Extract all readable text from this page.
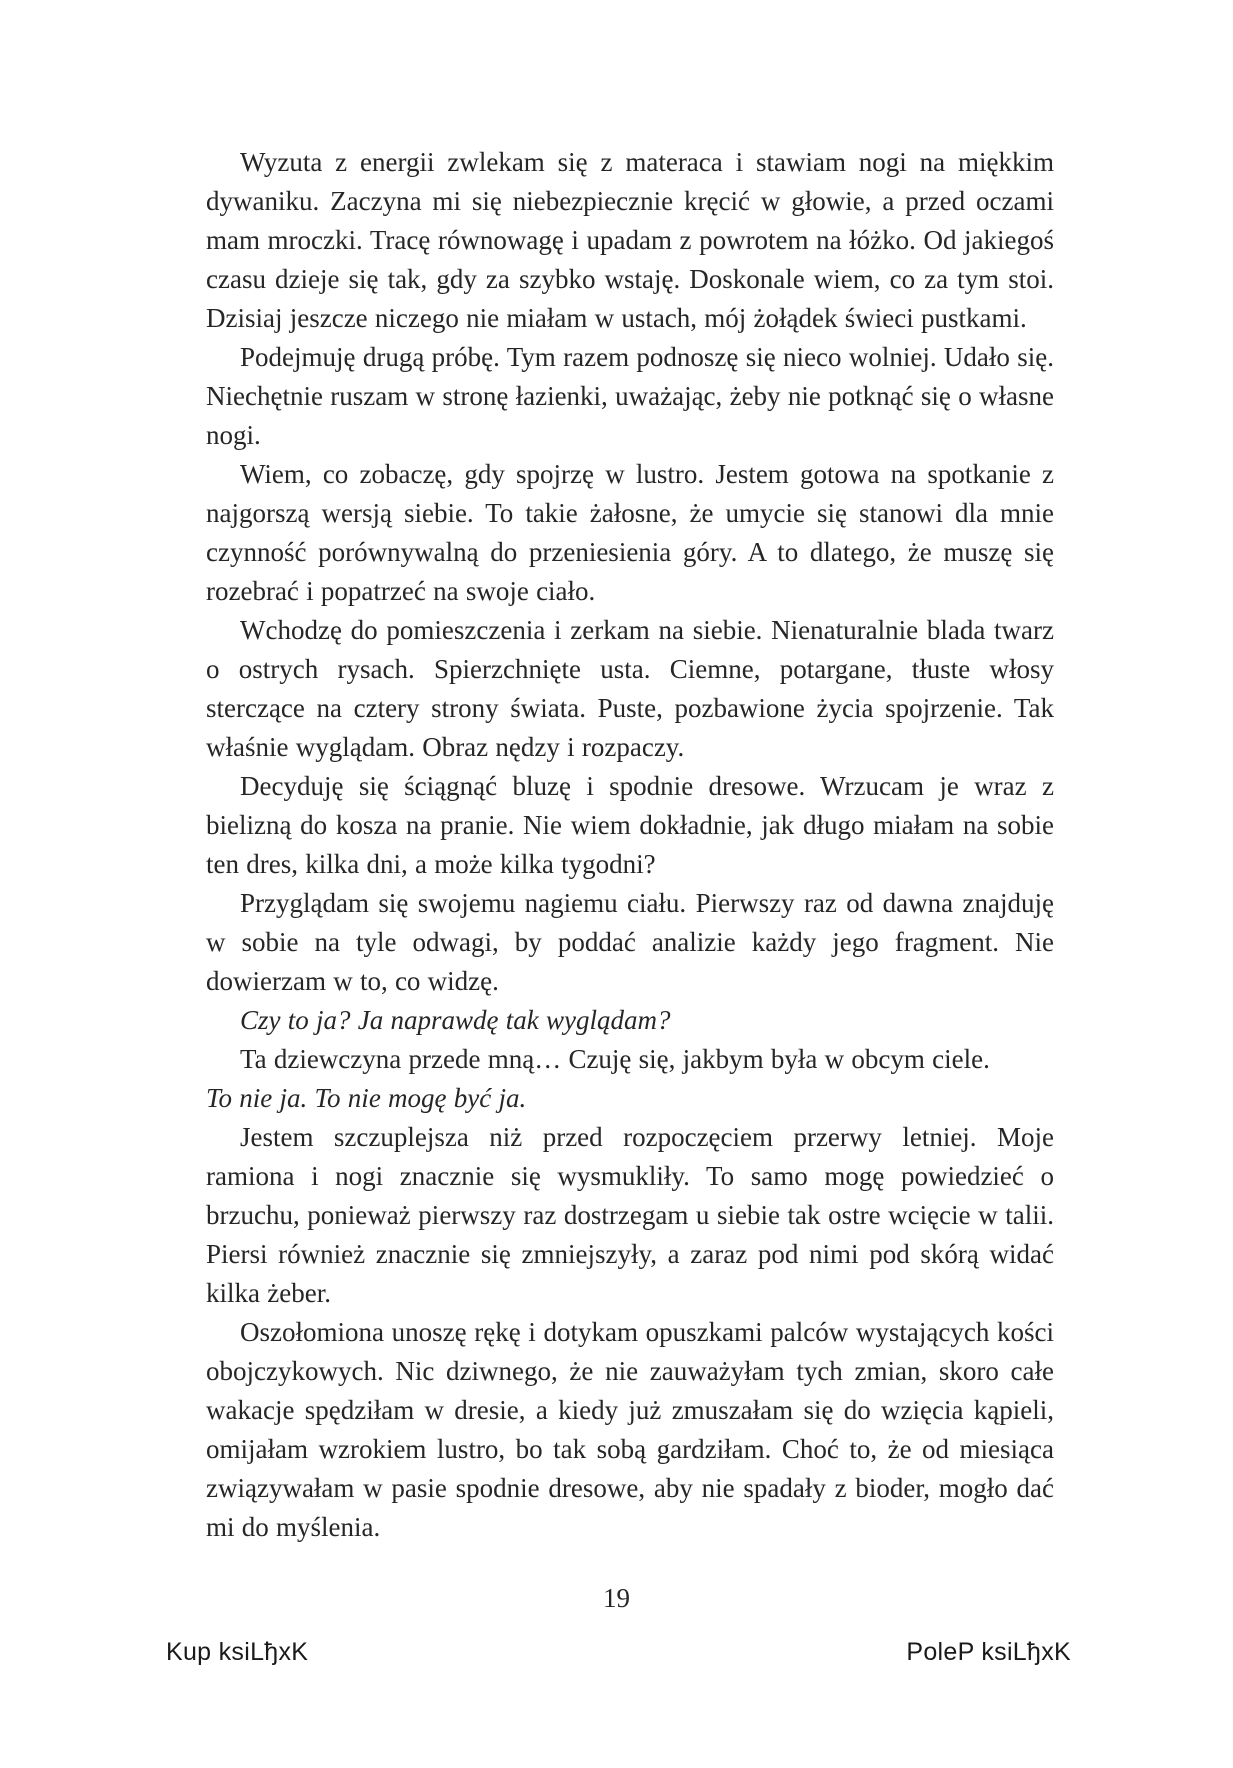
Wyzuta z energii zwlekam się z materaca i stawiam nogi na miękkim dywaniku. Zaczyna mi się niebezpiecznie kręcić w głowie, a przed oczami mam mroczki. Tracę równowagę i upadam z powrotem na łóżko. Od jakiegoś czasu dzieje się tak, gdy za szybko wstaję. Doskonale wiem, co za tym stoi. Dzisiaj jeszcze niczego nie miałam w ustach, mój żołądek świeci pustkami.

Podejmuję drugą próbę. Tym razem podnoszę się nieco wolniej. Udało się. Niechętnie ruszam w stronę łazienki, uważając, żeby nie potknąć się o własne nogi.

Wiem, co zobaczę, gdy spojrzę w lustro. Jestem gotowa na spotkanie z najgorszą wersją siebie. To takie żałosne, że umycie się stanowi dla mnie czynność porównywalną do przeniesienia góry. A to dlatego, że muszę się rozebrać i popatrzeć na swoje ciało.

Wchodzę do pomieszczenia i zerkam na siebie. Nienaturalnie blada twarz o ostrych rysach. Spierzchnięte usta. Ciemne, potargane, tłuste włosy sterczące na cztery strony świata. Puste, pozbawione życia spojrzenie. Tak właśnie wyglądam. Obraz nędzy i rozpaczy.

Decyduję się ściągnąć bluzę i spodnie dresowe. Wrzucam je wraz z bielizną do kosza na pranie. Nie wiem dokładnie, jak długo miałam na sobie ten dres, kilka dni, a może kilka tygodni?

Przyglądam się swojemu nagiemu ciału. Pierwszy raz od dawna znajduję w sobie na tyle odwagi, by poddać analizie każdy jego fragment. Nie dowierzam w to, co widzę.

Czy to ja? Ja naprawdę tak wyglądam?

Ta dziewczyna przede mną… Czuję się, jakbym była w obcym ciele.

To nie ja. To nie mogę być ja.

Jestem szczuplejsza niż przed rozpoczęciem przerwy letniej. Moje ramiona i nogi znacznie się wysmukliły. To samo mogę powiedzieć o brzuchu, ponieważ pierwszy raz dostrzegam u siebie tak ostre wcięcie w talii. Piersi również znacznie się zmniejszyły, a zaraz pod nimi pod skórą widać kilka żeber.

Oszołomiona unoszę rękę i dotykam opuszkami palców wystających kości obojczykowych. Nic dziwnego, że nie zauważyłam tych zmian, skoro całe wakacje spędziłam w dresie, a kiedy już zmuszałam się do wzięcia kąpieli, omijałam wzrokiem lustro, bo tak sobą gardziłam. Choć to, że od miesiąca związywałam w pasie spodnie dresowe, aby nie spadały z bioder, mogło dać mi do myślenia.

19
Kup ksiLђxK	PoleP ksiLђxK
